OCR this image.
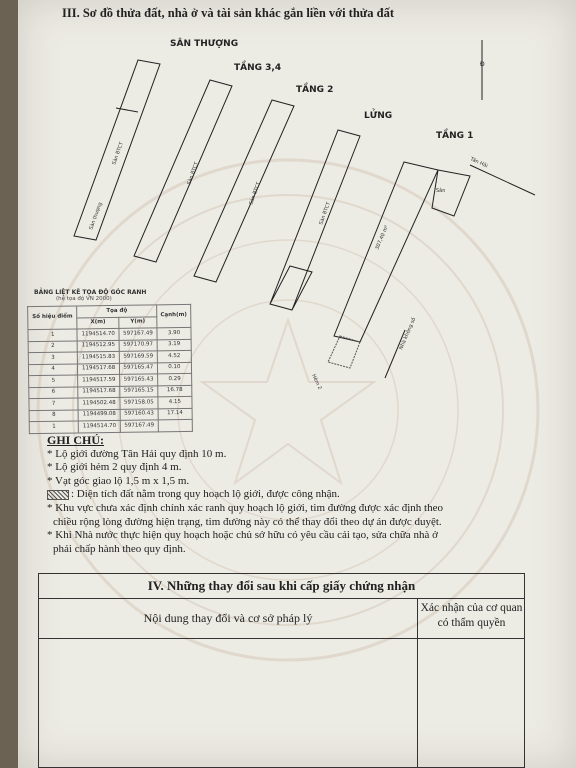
III. Sơ đồ thửa đất, nhà ở và tài sản khác gắn liền với thửa đất
SÂN THƯỢNG
TẦNG 3,4
TẦNG 2
LỬNG
TẦNG 1
Đ
Sàn BTCT
Sàn thượng
Sàn BTCT
Sàn BTCT
Sàn BTCT
307,40 m²
Nhà không số
Sân
Tân Hải
Hẻm 2
BẢNG LIỆT KÊ TỌA ĐỘ GÓC RANH
(hệ tọa độ VN 2000)
Số hiệu điểm	Tọa độ		Cạnh(m)
	X(m)	Y(m)	
1	1194514.70	597167.49	3.90
2	1194512.95	597170.97	3.19
3	1194515.83	597169.59	4.52
4	1194517.68	597165.47	0.10
5	1194517.59	597165.43	0.29
6	1194517.68	597165.15	16.78
7	1194502.48	597158.05	4.15
8	1194499.08	597160.43	17.14
1	1194514.70	597167.49	
GHI CHÚ:
* Lộ giới đường Tân Hải quy định 10 m.
* Lộ giới hẻm 2 quy định 4 m.
* Vạt góc giao lộ 1,5 m x 1,5 m.
: Diện tích đất nằm trong quy hoạch lộ giới, được công nhận.
* Khu vực chưa xác định chính xác ranh quy hoạch lộ giới, tim đường được xác định theo
chiều rộng lòng đường hiện trạng, tim đường này có thể thay đổi theo dự án được duyệt.
* Khi Nhà nước thực hiện quy hoạch hoặc chủ sở hữu có yêu cầu cải tạo, sửa chữa nhà ở
phải chấp hành theo quy định.
IV. Những thay đổi sau khi cấp giấy chứng nhận
Nội dung thay đổi và cơ sở pháp lý
Xác nhận của cơ quan
có thẩm quyền
